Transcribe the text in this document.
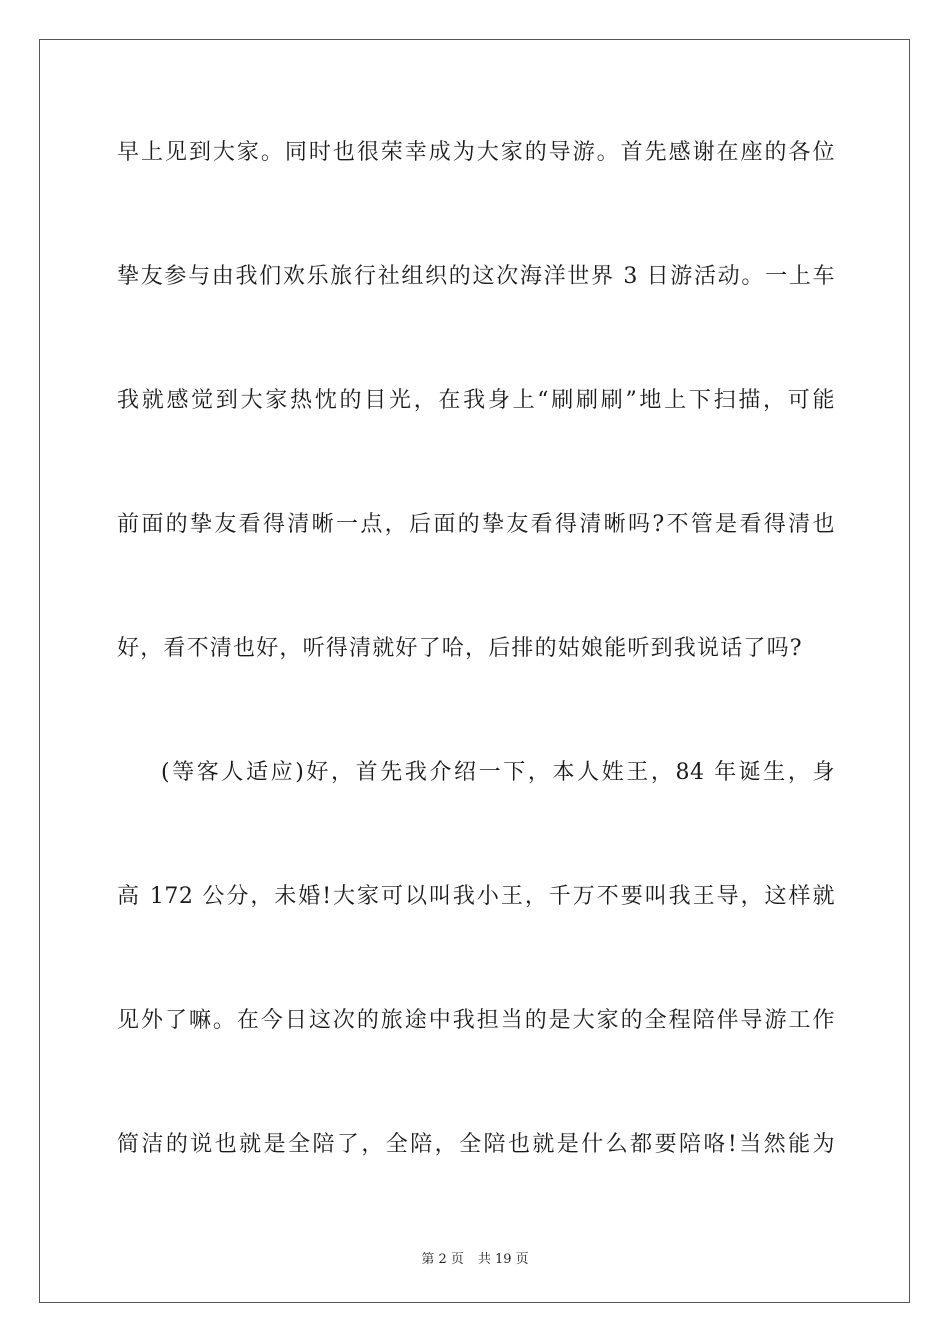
早上见到大家。同时也很荣幸成为大家的导游。首先感谢在座的各位
挚友参与由我们欢乐旅行社组织的这次海洋世界 3 日游活动。一上车
我就感觉到大家热忱的目光，在我身上“刷刷刷”地上下扫描，可能
前面的挚友看得清晰一点，后面的挚友看得清晰吗?不管是看得清也
好，看不清也好，听得清就好了哈，后排的姑娘能听到我说话了吗?
(等客人适应)好，首先我介绍一下，本人姓王，84 年诞生，身
高 172 公分，未婚!大家可以叫我小王，千万不要叫我王导，这样就
见外了嘛。在今日这次的旅途中我担当的是大家的全程陪伴导游工作
简洁的说也就是全陪了，全陪，全陪也就是什么都要陪咯!当然能为
第 2 页 共 19 页
